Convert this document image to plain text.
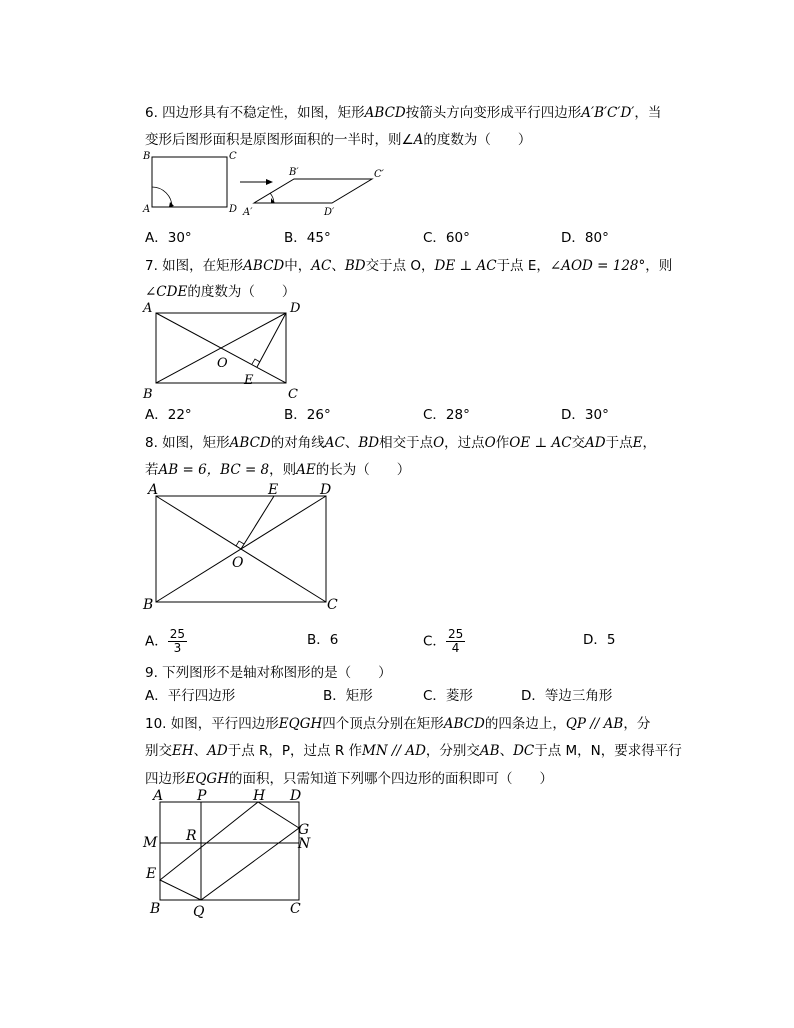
6. 四边形具有不稳定性，如图，矩形ABCD按箭头方向变形成平行四边形A′B′C′D′，当
变形后图形面积是原图形面积的一半时，则∠A的度数为（　　）
B	C
A	D
B′	C′
A′	D′
A．30°	B．45°	C．60°	D．80°
7. 如图，在矩形ABCD中，AC、BD交于点 O，DE ⊥ AC于点 E，∠AOD = 128°，则
∠CDE的度数为（　　）
A	D
O
E
B	C
A．22°	B．26°	C．28°	D．30°
8. 如图，矩形ABCD的对角线AC、BD相交于点O，过点O作OE ⊥ AC交AD于点E，
若AB = 6，BC = 8，则AE的长为（　　）
A	E	D
O
B	C
A． $\frac{25}{3}$	B．6	C． $\frac{25}{4}$	D．5
9. 下列图形不是轴对称图形的是（　　）
A．平行四边形	B．矩形	C．菱形	D．等边三角形
10. 如图，平行四边形EQGH四个顶点分别在矩形ABCD的四条边上，QP // AB，分
别交EH、AD于点 R，P，过点 R 作MN // AD，分别交AB、DC于点 M，N，要求得平行
四边形EQGH的面积，只需知道下列哪个四边形的面积即可（　　）
A P	H D
M R	G
N
E
B Q	C
